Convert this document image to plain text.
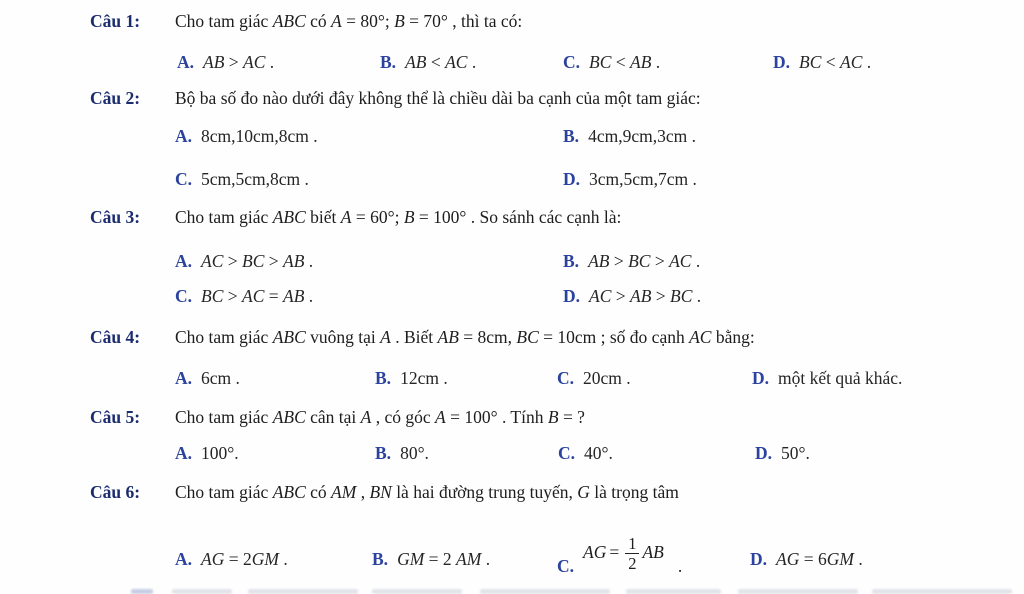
Câu 1: Cho tam giác ABC có A = 80°; B = 70° , thì ta có:
A. AB > AC .	B. AB < AC .	C. BC < AB .	D. BC < AC .
Câu 2: Bộ ba số đo nào dưới đây không thể là chiều dài ba cạnh của một tam giác:
A. 8cm,10cm,8cm .	B. 4cm,9cm,3cm .
C. 5cm,5cm,8cm .	D. 3cm,5cm,7cm .
Câu 3: Cho tam giác ABC biết A = 60°; B = 100° . So sánh các cạnh là:
A. AC > BC > AB .	B. AB > BC > AC .
C. BC > AC = AB .	D. AC > AB > BC .
Câu 4: Cho tam giác ABC vuông tại A . Biết AB = 8cm, BC = 10cm ; số đo cạnh AC bằng:
A. 6cm .	B. 12cm .	C. 20cm .	D. một kết quả khác.
Câu 5: Cho tam giác ABC cân tại A , có góc A = 100° . Tính B = ?
A. 100°.	B. 80°.	C. 40°.	D. 50°.
Câu 6: Cho tam giác ABC có AM , BN là hai đường trung tuyến, G là trọng tâm
A. AG = 2GM .	B. GM = 2 AM .	$C.AG = \frac{1}{2}$ AB.	D. AG = 6GM .
